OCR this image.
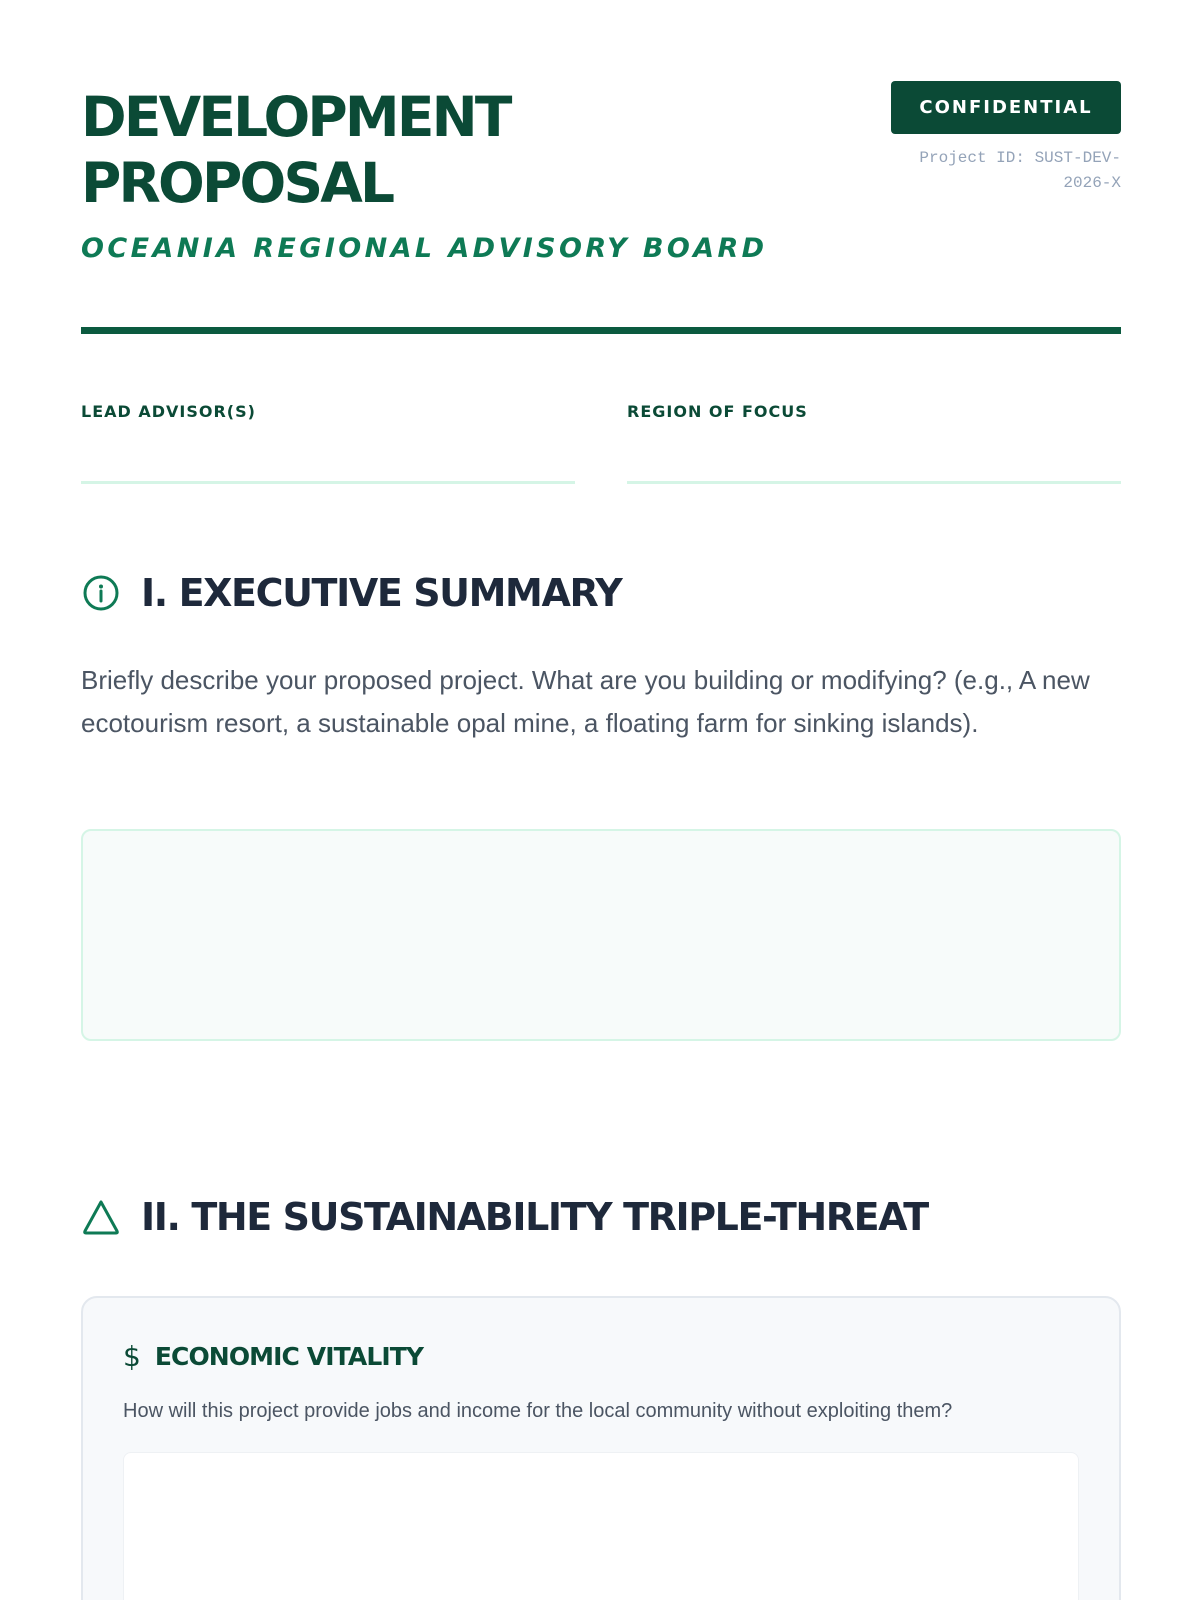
DEVELOPMENT PROPOSAL
OCEANIA REGIONAL ADVISORY BOARD
CONFIDENTIAL
Project ID: SUST-DEV-2026-X
LEAD ADVISOR(S)	REGION OF FOCUS
I. EXECUTIVE SUMMARY

Briefly describe your proposed project. What are you building or modifying? (e.g., A new ecotourism resort, a sustainable opal mine, a floating farm for sinking islands).

II. THE SUSTAINABILITY TRIPLE-THREAT
$ ECONOMIC VITALITY

How will this project provide jobs and income for the local community without exploiting them?
